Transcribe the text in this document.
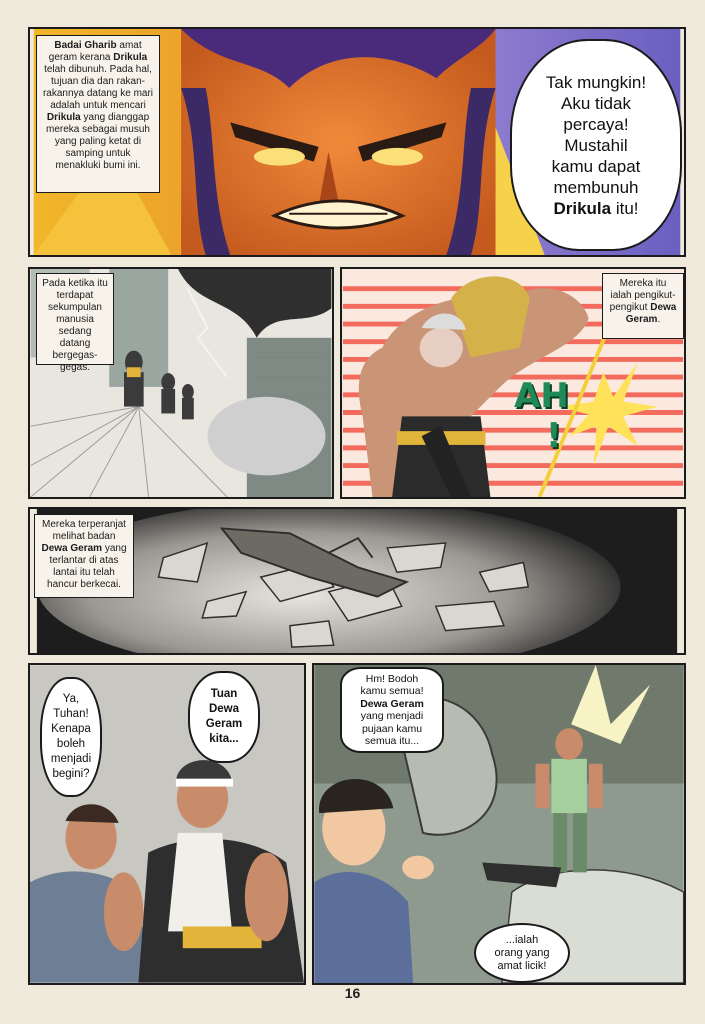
Badai Gharib amat geram kerana Drikula telah dibunuh. Pada hal, tujuan dia dan rakan-rakannya datang ke mari adalah untuk mencari Drikula yang dianggap mereka sebagai musuh yang paling ketat di samping untuk menakluki bumi ini.
Tak mungkin!
Aku tidak
percaya!
Mustahil
kamu dapat
membunuh
Drikula itu!
Pada ketika itu terdapat sekumpulan manusia sedang datang bergegas-gegas.
Mereka itu ialah pengikut-pengikut Dewa Geram.
AH
!
Mereka terperanjat melihat badan Dewa Geram yang terlantar di atas lantai itu telah hancur berkecai.
Ya,
Tuhan!
Kenapa
boleh
menjadi
begini?
Tuan
Dewa
Geram
kita...
Hm! Bodoh
kamu semua!
Dewa Geram
yang menjadi
pujaan kamu
semua itu...
...ialah
orang yang
amat licik!
16
